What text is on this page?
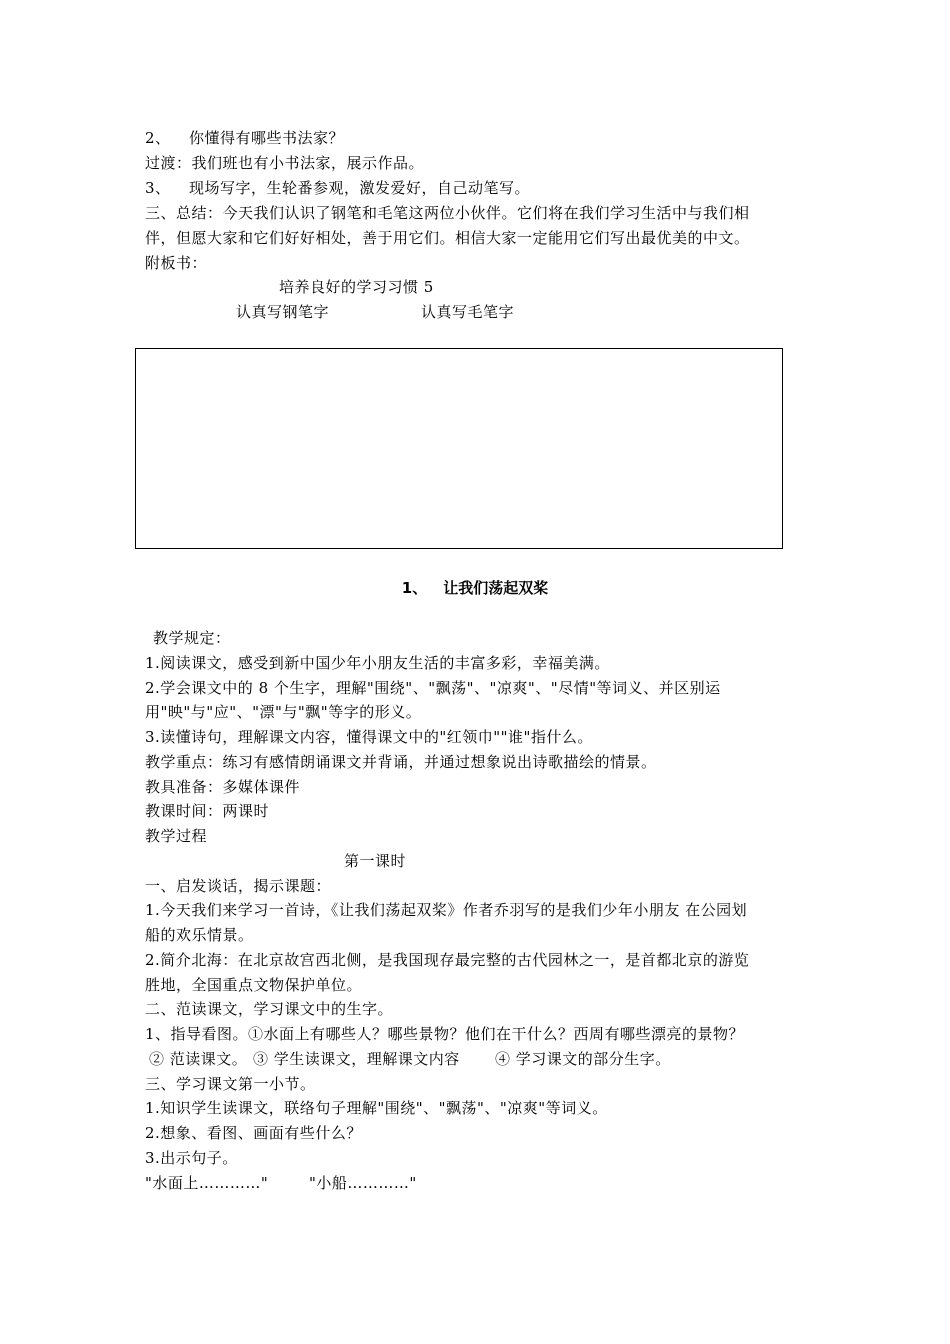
2、 你懂得有哪些书法家？
过渡：我们班也有小书法家，展示作品。
3、 现场写字，生轮番参观，激发爱好，自己动笔写。
三、总结：今天我们认识了钢笔和毛笔这两位小伙伴。它们将在我们学习生活中与我们相
伴，但愿大家和它们好好相处，善于用它们。相信大家一定能用它们写出最优美的中文。
附板书：
培养良好的学习习惯 5
认真写钢笔字	认真写毛笔字
1、 让我们荡起双桨
教学规定：
1.阅读课文，感受到新中国少年小朋友生活的丰富多彩，幸福美满。
2.学会课文中的 8 个生字，理解"围绕"、"飘荡"、"凉爽"、"尽情"等词义、并区别运
用"映"与"应"、"漂"与"飘"等字的形义。
3.读懂诗句，理解课文内容，懂得课文中的"红领巾""谁"指什么。
教学重点：练习有感情朗诵课文并背诵，并通过想象说出诗歌描绘的情景。
教具准备：多媒体课件
教课时间：两课时
教学过程
第一课时
一、启发谈话，揭示课题：
1.今天我们来学习一首诗，《让我们荡起双桨》作者乔羽写的是我们少年小朋友 在公园划
船的欢乐情景。
2.简介北海：在北京故宫西北侧，是我国现存最完整的古代园林之一，是首都北京的游览
胜地，全国重点文物保护单位。
二、范读课文，学习课文中的生字。
1、指导看图。①水面上有哪些人？哪些景物？他们在干什么？西周有哪些漂亮的景物？
② 范读课文。 ③ 学生读课文，理解课文内容 ④ 学习课文的部分生字。
三、学习课文第一小节。
1.知识学生读课文，联络句子理解"围绕"、"飘荡"、"凉爽"等词义。
2.想象、看图、画面有些什么？
3.出示句子。
"水面上…………"	"小船…………"
